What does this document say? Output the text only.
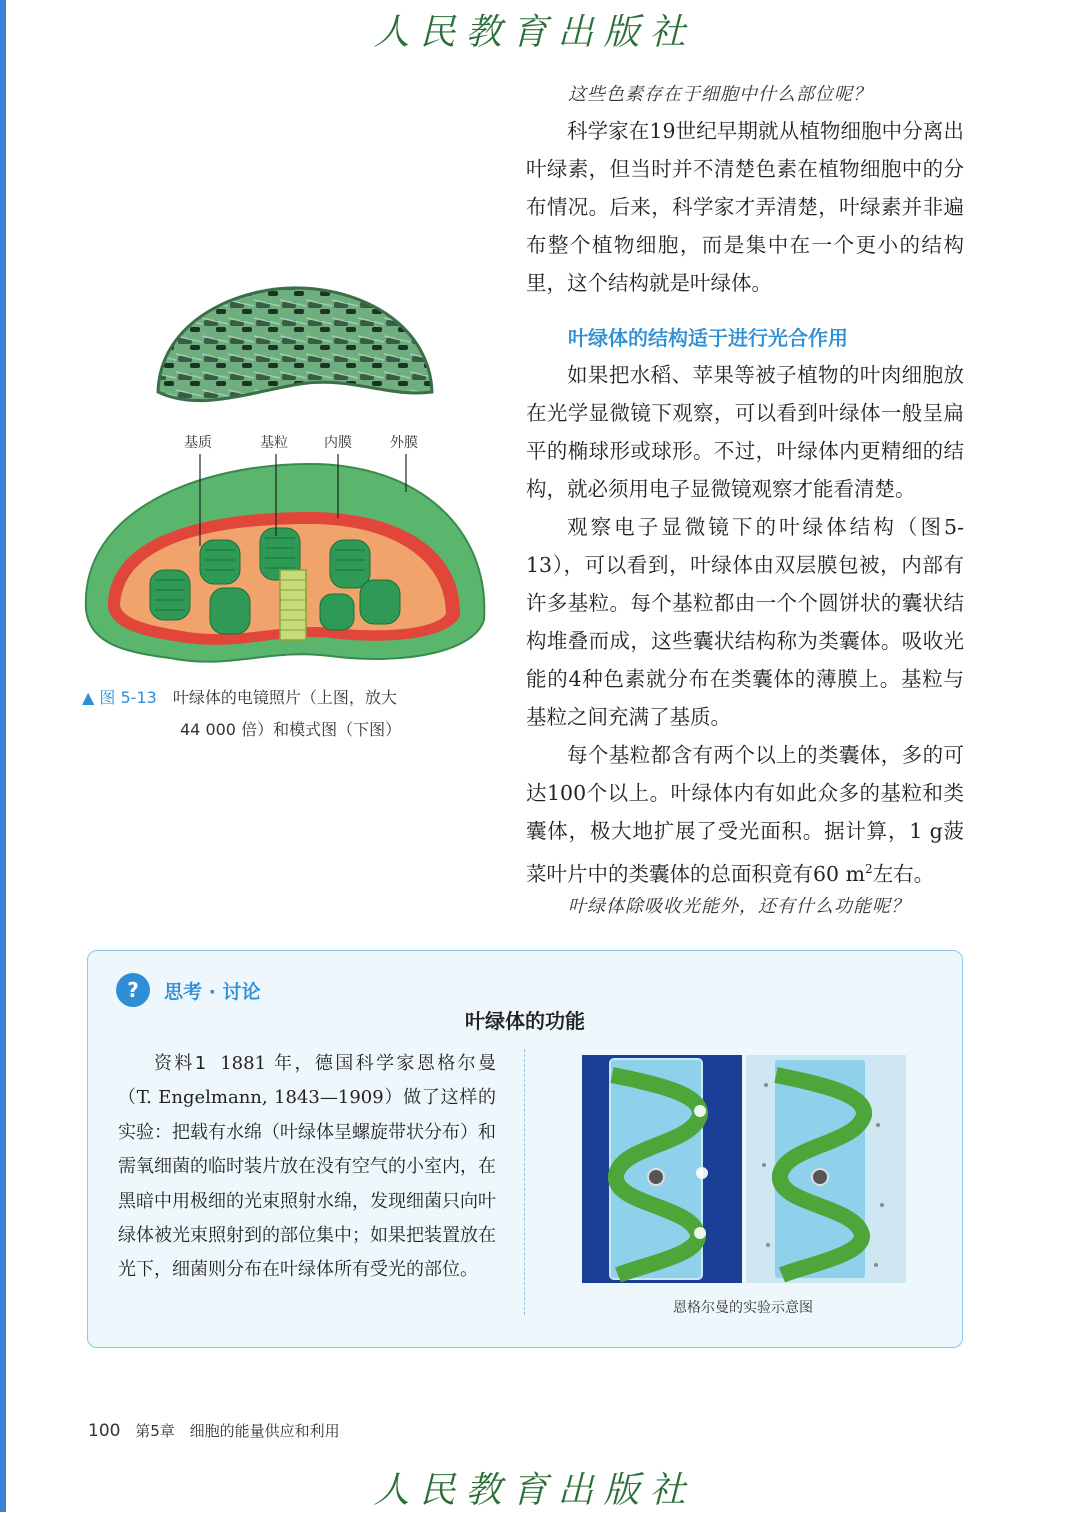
人民教育出版社
这些色素存在于细胞中什么部位呢？

科学家在19世纪早期就从植物细胞中分离出叶绿素，但当时并不清楚色素在植物细胞中的分布情况。后来，科学家才弄清楚，叶绿素并非遍布整个植物细胞，而是集中在一个更小的结构里，这个结构就是叶绿体。

叶绿体的结构适于进行光合作用

如果把水稻、苹果等被子植物的叶肉细胞放在光学显微镜下观察，可以看到叶绿体一般呈扁平的椭球形或球形。不过，叶绿体内更精细的结构，就必须用电子显微镜观察才能看清楚。

观察电子显微镜下的叶绿体结构（图5-13），可以看到，叶绿体由双层膜包被，内部有许多基粒。每个基粒都由一个个圆饼状的囊状结构堆叠而成，这些囊状结构称为类囊体。吸收光能的4种色素就分布在类囊体的薄膜上。基粒与基粒之间充满了基质。

每个基粒都含有两个以上的类囊体，多的可达100个以上。叶绿体内有如此众多的基粒和类囊体，极大地扩展了受光面积。据计算，1 g菠菜叶片中的类囊体的总面积竟有60 $m^2$左右。

叶绿体除吸收光能外，还有什么功能呢？
基质	基粒	内膜	外膜
▲ 图 5-13 叶绿体的电镜照片（上图，放大
44 000 倍）和模式图（下图）
?	思考 · 讨论
叶绿体的功能

资料1 1881 年，德国科学家恩格尔曼（T. Engelmann, 1843—1909）做了这样的实验：把载有水绵（叶绿体呈螺旋带状分布）和需氧细菌的临时装片放在没有空气的小室内，在黑暗中用极细的光束照射水绵，发现细菌只向叶绿体被光束照射到的部位集中；如果把装置放在光下，细菌则分布在叶绿体所有受光的部位。

恩格尔曼的实验示意图
100 第5章 细胞的能量供应和利用
人民教育出版社
